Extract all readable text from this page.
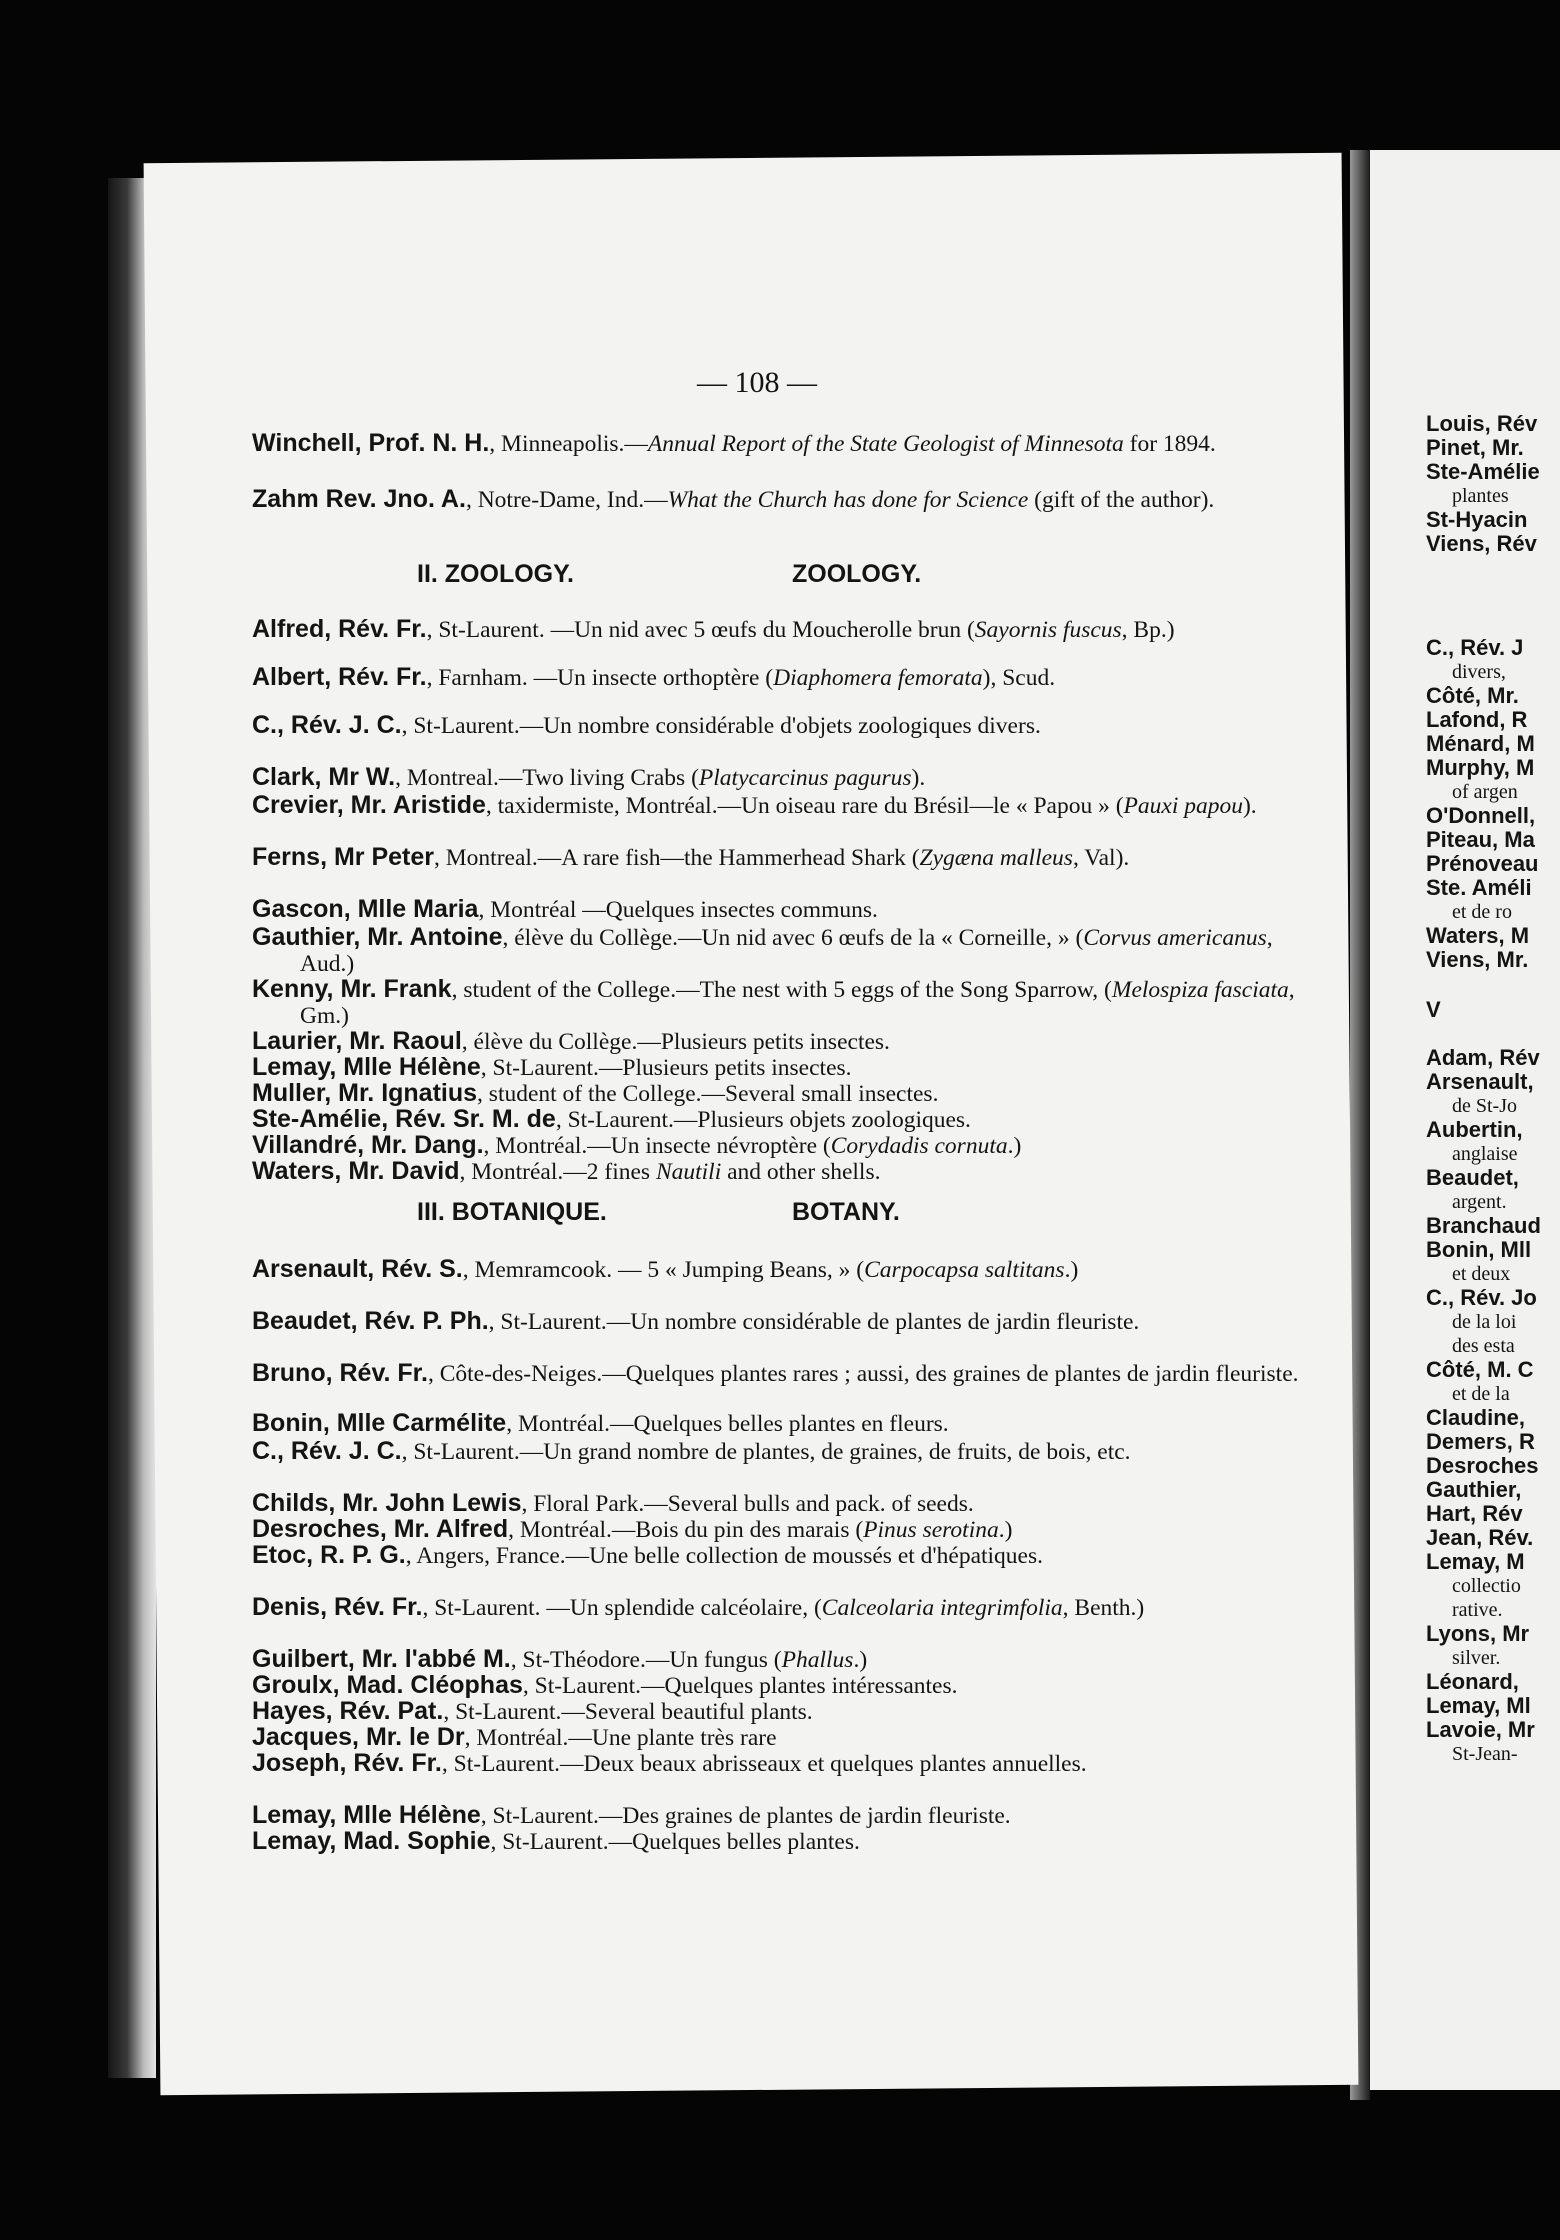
— 108 —
Winchell, Prof. N. H., Minneapolis.—Annual Report of the State Geologist of Minnesota for 1894.
Zahm Rev. Jno. A., Notre-Dame, Ind.—What the Church has done for Science (gift of the author).
Alfred, Rév. Fr., St-Laurent. —Un nid avec 5 œufs du Moucherolle brun (Sayornis fuscus, Bp.)
Albert, Rév. Fr., Farnham. —Un insecte orthoptère (Diaphomera femorata), Scud.
C., Rév. J. C., St-Laurent.—Un nombre considérable d'objets zoologiques divers.
Clark, Mr W., Montreal.—Two living Crabs (Platycarcinus pagurus).
Crevier, Mr. Aristide, taxidermiste, Montréal.—Un oiseau rare du Brésil—le « Papou » (Pauxi papou).
Ferns, Mr Peter, Montreal.—A rare fish—the Hammerhead Shark (Zygæna malleus, Val).
Gascon, Mlle Maria, Montréal —Quelques insectes communs.
Gauthier, Mr. Antoine, élève du Collège.—Un nid avec 6 œufs de la « Corneille, » (Corvus americanus, Aud.)
Kenny, Mr. Frank, student of the College.—The nest with 5 eggs of the Song Sparrow, (Melospiza fasciata, Gm.)
Laurier, Mr. Raoul, élève du Collège.—Plusieurs petits insectes.
Lemay, Mlle Hélène, St-Laurent.—Plusieurs petits insectes.
Muller, Mr. Ignatius, student of the College.—Several small insectes.
Ste-Amélie, Rév. Sr. M. de, St-Laurent.—Plusieurs objets zoologiques.
Villandré, Mr. Dang., Montréal.—Un insecte névroptère (Corydadis cornuta.)
Waters, Mr. David, Montréal.—2 fines Nautili and other shells.
Arsenault, Rév. S., Memramcook. — 5 « Jumping Beans, » (Carpocapsa saltitans.)
Beaudet, Rév. P. Ph., St-Laurent.—Un nombre considérable de plantes de jardin fleuriste.
Bruno, Rév. Fr., Côte-des-Neiges.—Quelques plantes rares ; aussi, des graines de plantes de jardin fleuriste.
Bonin, Mlle Carmélite, Montréal.—Quelques belles plantes en fleurs.
C., Rév. J. C., St-Laurent.—Un grand nombre de plantes, de graines, de fruits, de bois, etc.
Childs, Mr. John Lewis, Floral Park.—Several bulls and pack. of seeds.
Desroches, Mr. Alfred, Montréal.—Bois du pin des marais (Pinus serotina.)
Etoc, R. P. G., Angers, France.—Une belle collection de moussés et d'hépatiques.
Denis, Rév. Fr., St-Laurent. —Un splendide calcéolaire, (Calceolaria integrimfolia, Benth.)
Guilbert, Mr. l'abbé M., St-Théodore.—Un fungus (Phallus.)
Groulx, Mad. Cléophas, St-Laurent.—Quelques plantes intéressantes.
Hayes, Rév. Pat., St-Laurent.—Several beautiful plants.
Jacques, Mr. le Dr, Montréal.—Une plante très rare
Joseph, Rév. Fr., St-Laurent.—Deux beaux abrisseaux et quelques plantes annuelles.
Lemay, Mlle Hélène, St-Laurent.—Des graines de plantes de jardin fleuriste.
Lemay, Mad. Sophie, St-Laurent.—Quelques belles plantes.
II. ZOOLOGY.	ZOOLOGY.
III. BOTANIQUE.	BOTANY.
Louis, Rév
Pinet, Mr.
Ste-Amélie
plantes
St-Hyacin
Viens, Rév
C., Rév. J
divers,
Côté, Mr.
Lafond, R
Ménard, M
Murphy, M
of argen
O'Donnell,
Piteau, Ma
Prénoveau
Ste. Améli
et de ro
Waters, M
Viens, Mr.
V
Adam, Rév
Arsenault,
de St-Jo
Aubertin,
anglaise
Beaudet,
argent.
Branchaud
Bonin, Mll
et deux
C., Rév. Jo
de la loi
des esta
Côté, M. C
et de la
Claudine,
Demers, R
Desroches
Gauthier,
Hart, Rév
Jean, Rév.
Lemay, M
collectio
rative.
Lyons, Mr
silver.
Léonard,
Lemay, Ml
Lavoie, Mr
St-Jean-
